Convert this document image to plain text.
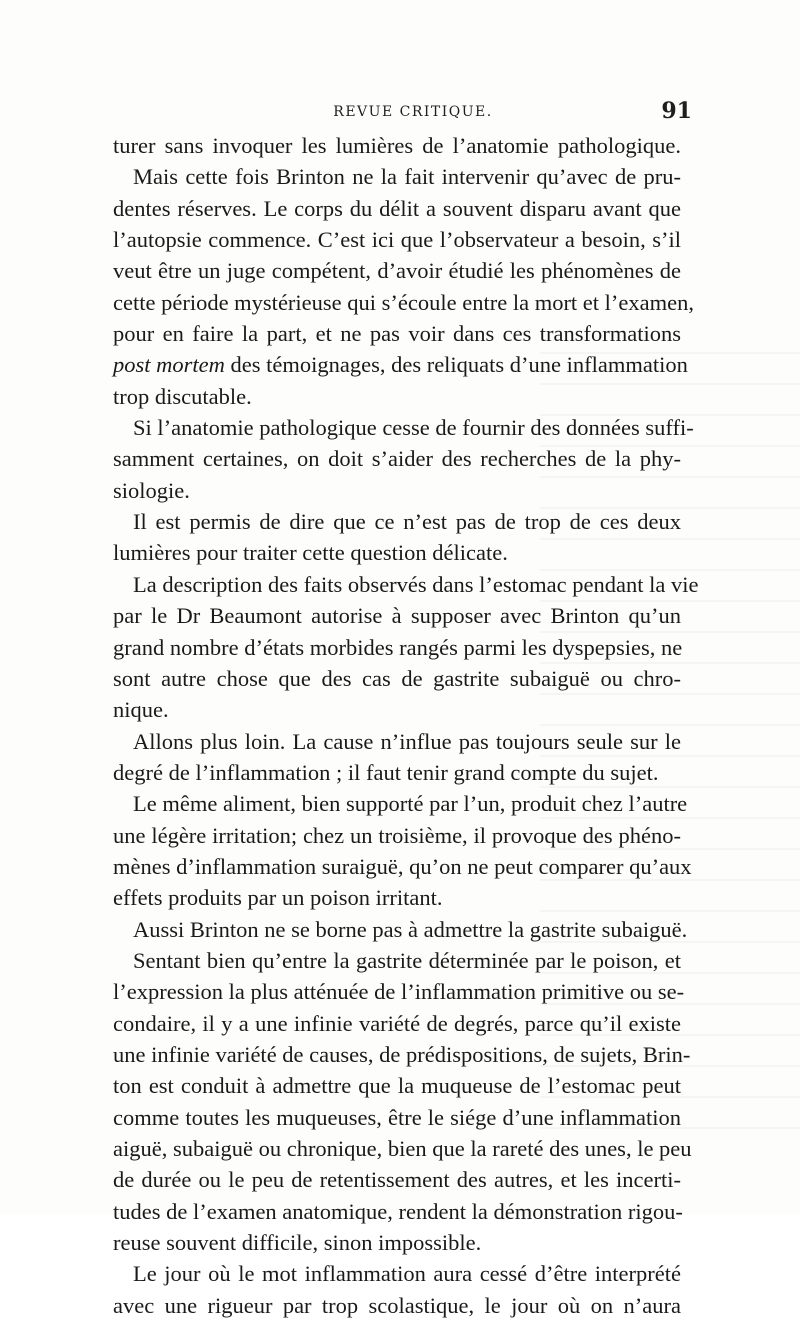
REVUE CRITIQUE.	91
turer sans invoquer les lumières de l’anatomie pathologique.
Mais cette fois Brinton ne la fait intervenir qu’avec de pru-
dentes réserves. Le corps du délit a souvent disparu avant que
l’autopsie commence. C’est ici que l’observateur a besoin, s’il
veut être un juge compétent, d’avoir étudié les phénomènes de
cette période mystérieuse qui s’écoule entre la mort et l’examen,
pour en faire la part, et ne pas voir dans ces transformations
post mortem des témoignages, des reliquats d’une inflammation
trop discutable.
Si l’anatomie pathologique cesse de fournir des données suffi-
samment certaines, on doit s’aider des recherches de la phy-
siologie.
Il est permis de dire que ce n’est pas de trop de ces deux
lumières pour traiter cette question délicate.
La description des faits observés dans l’estomac pendant la vie
par le Dr Beaumont autorise à supposer avec Brinton qu’un
grand nombre d’états morbides rangés parmi les dyspepsies, ne
sont autre chose que des cas de gastrite subaiguë ou chro-
nique.
Allons plus loin. La cause n’influe pas toujours seule sur le
degré de l’inflammation ; il faut tenir grand compte du sujet.
Le même aliment, bien supporté par l’un, produit chez l’autre
une légère irritation; chez un troisième, il provoque des phéno-
mènes d’inflammation suraiguë, qu’on ne peut comparer qu’aux
effets produits par un poison irritant.
Aussi Brinton ne se borne pas à admettre la gastrite subaiguë.
Sentant bien qu’entre la gastrite déterminée par le poison, et
l’expression la plus atténuée de l’inflammation primitive ou se-
condaire, il y a une infinie variété de degrés, parce qu’il existe
une infinie variété de causes, de prédispositions, de sujets, Brin-
ton est conduit à admettre que la muqueuse de l’estomac peut
comme toutes les muqueuses, être le siége d’une inflammation
aiguë, subaiguë ou chronique, bien que la rareté des unes, le peu
de durée ou le peu de retentissement des autres, et les incerti-
tudes de l’examen anatomique, rendent la démonstration rigou-
reuse souvent difficile, sinon impossible.
Le jour où le mot inflammation aura cessé d’être interprété
avec une rigueur par trop scolastique, le jour où on n’aura
